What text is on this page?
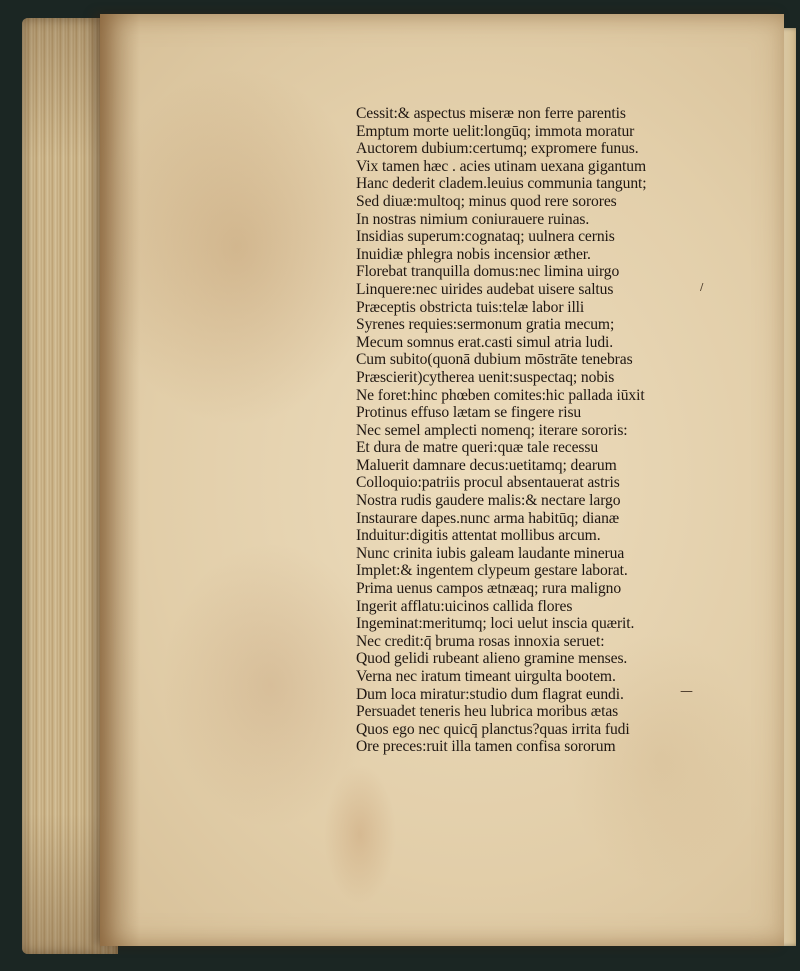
Cessit:& aspectus miseræ non ferre parentis
Emptum morte uelit:longūq; immota moratur
Auctorem dubium:certumq; expromere funus.
Vix tamen hæc . acies utinam uexana gigantum
Hanc dederit cladem.leuius communia tangunt;
Sed diuæ:multoq; minus quod rere sorores
In nostras nimium coniurauere ruinas.
Insidias superum:cognataq; uulnera cernis
Inuidiæ phlegra nobis incensior æther.
Florebat tranquilla domus:nec limina uirgo
Linquere:nec uirides audebat uisere saltus
Præceptis obstricta tuis:telæ labor illi
Syrenes requies:sermonum gratia mecum;
Mecum somnus erat.casti simul atria ludi.
Cum subito(quonā dubium mōstrāte tenebras
Præscierit)cytherea uenit:suspectaq; nobis
Ne foret:hinc phœben comites:hic pallada iūxit
Protinus effuso lætam se fingere risu
Nec semel amplecti nomenq; iterare sororis:
Et dura de matre queri:quæ tale recessu
Maluerit damnare decus:uetitamq; dearum
Colloquio:patriis procul absentauerat astris
Nostra rudis gaudere malis:& nectare largo
Instaurare dapes.nunc arma habitūq; dianæ
Induitur:digitis attentat mollibus arcum.
Nunc crinita iubis galeam laudante minerua
Implet:& ingentem clypeum gestare laborat.
Prima uenus campos ætnæaq; rura maligno
Ingerit afflatu:uicinos callida flores
Ingeminat:meritumq; loci uelut inscia quærit.
Nec credit:q̄ bruma rosas innoxia seruet:
Quod gelidi rubeant alieno gramine menses.
Verna nec iratum timeant uirgulta bootem.
Dum loca miratur:studio dum flagrat eundi.
Persuadet teneris heu lubrica moribus ætas
Quos ego nec quicq̄ planctus?quas irrita fudi
Ore preces:ruit illa tamen confisa sororum
—
/
